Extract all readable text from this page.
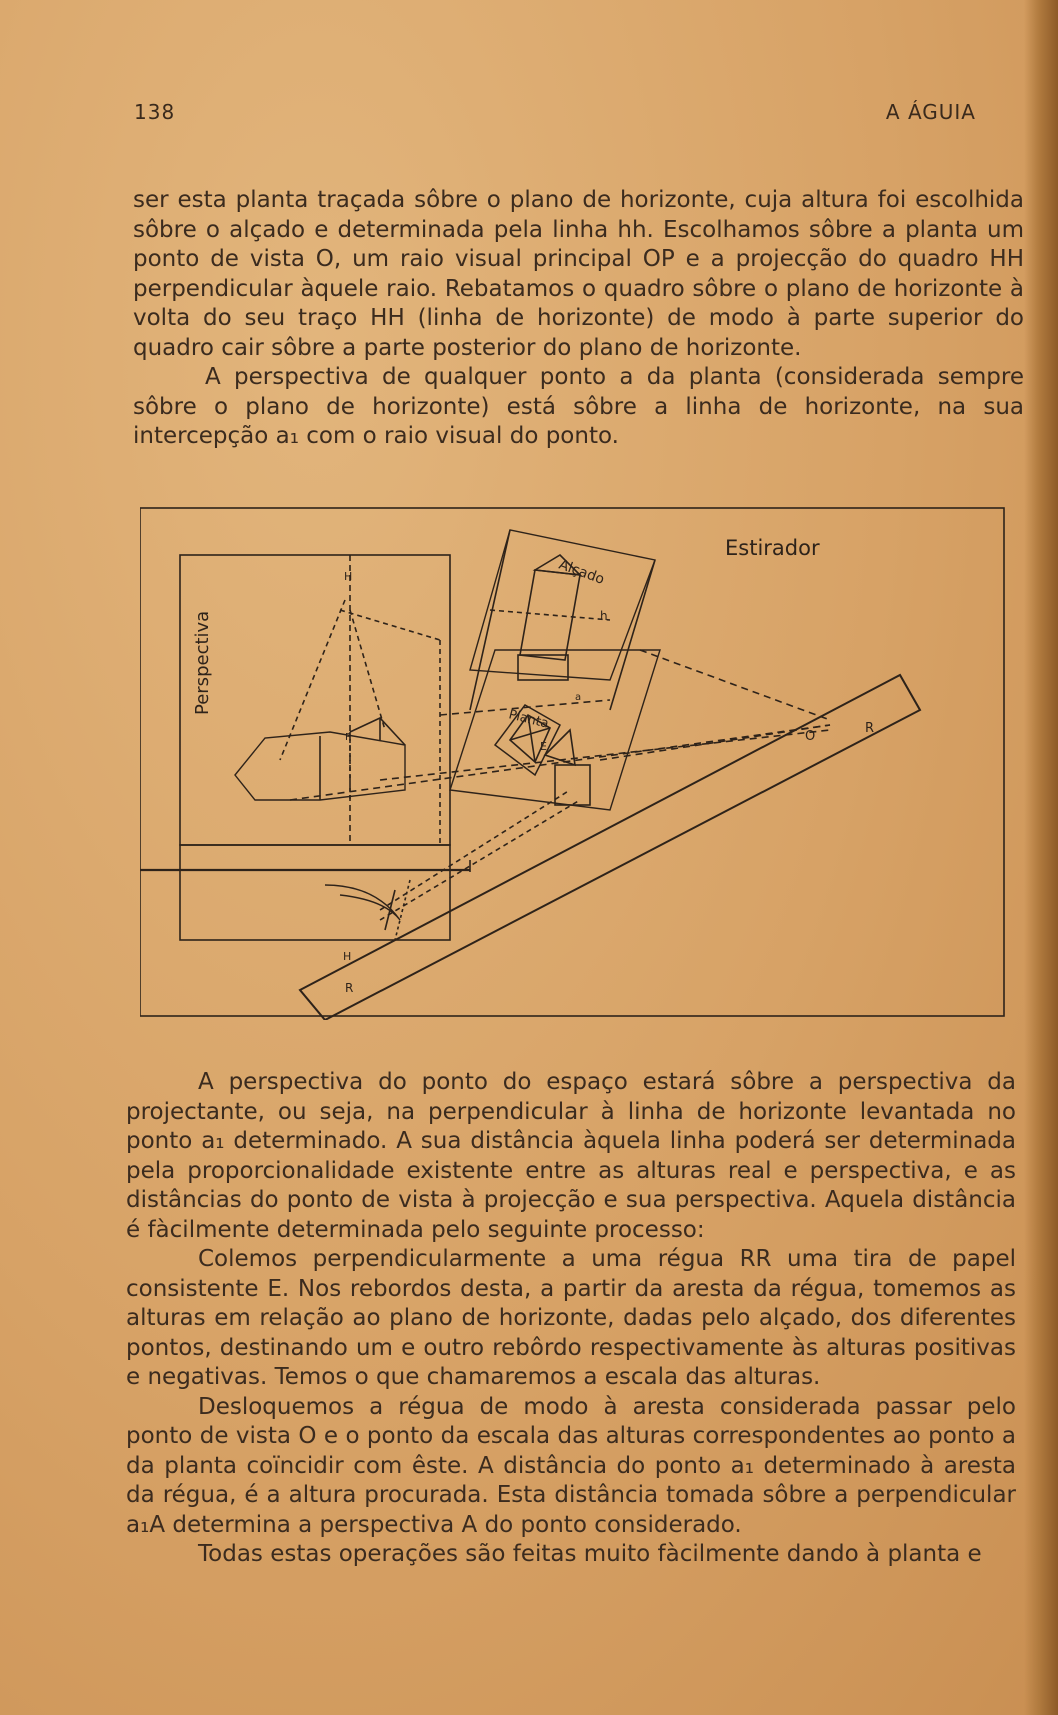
138	A ÁGUIA

ser esta planta traçada sôbre o plano de horizonte, cuja altura foi escolhida sôbre o alçado e determinada pela linha hh. Escolhamos sôbre a planta um ponto de vista O, um raio visual principal OP e a projecção do quadro HH perpendicular àquele raio. Rebatamos o quadro sôbre o plano de horizonte à volta do seu traço HH (linha de horizonte) de modo à parte superior do quadro cair sôbre a parte posterior do plano de horizonte.

A perspectiva de qualquer ponto a da planta (considerada sempre sôbre o plano de horizonte) está sôbre a linha de horizonte, na sua intercepção a₁ com o raio visual do ponto.

Estirador
Perspectiva
Alçado
Planta
h
O
R
R
E
H
H
P
a

A perspectiva do ponto do espaço estará sôbre a perspectiva da projectante, ou seja, na perpendicular à linha de horizonte levantada no ponto a₁ determinado. A sua distância àquela linha poderá ser determinada pela proporcionalidade existente entre as alturas real e perspectiva, e as distâncias do ponto de vista à projecção e sua perspectiva. Aquela distância é fàcilmente determinada pelo seguinte processo:

Colemos perpendicularmente a uma régua RR uma tira de papel consistente E. Nos rebordos desta, a partir da aresta da régua, tomemos as alturas em relação ao plano de horizonte, dadas pelo alçado, dos diferentes pontos, destinando um e outro rebôrdo respectivamente às alturas positivas e negativas. Temos o que chamaremos a escala das alturas.

Desloquemos a régua de modo à aresta considerada passar pelo ponto de vista O e o ponto da escala das alturas correspondentes ao ponto a da planta coïncidir com êste. A distância do ponto a₁ determinado à aresta da régua, é a altura procurada. Esta distância tomada sôbre a perpendicular a₁A determina a perspectiva A do ponto considerado.

Todas estas operações são feitas muito fàcilmente dando à planta e
